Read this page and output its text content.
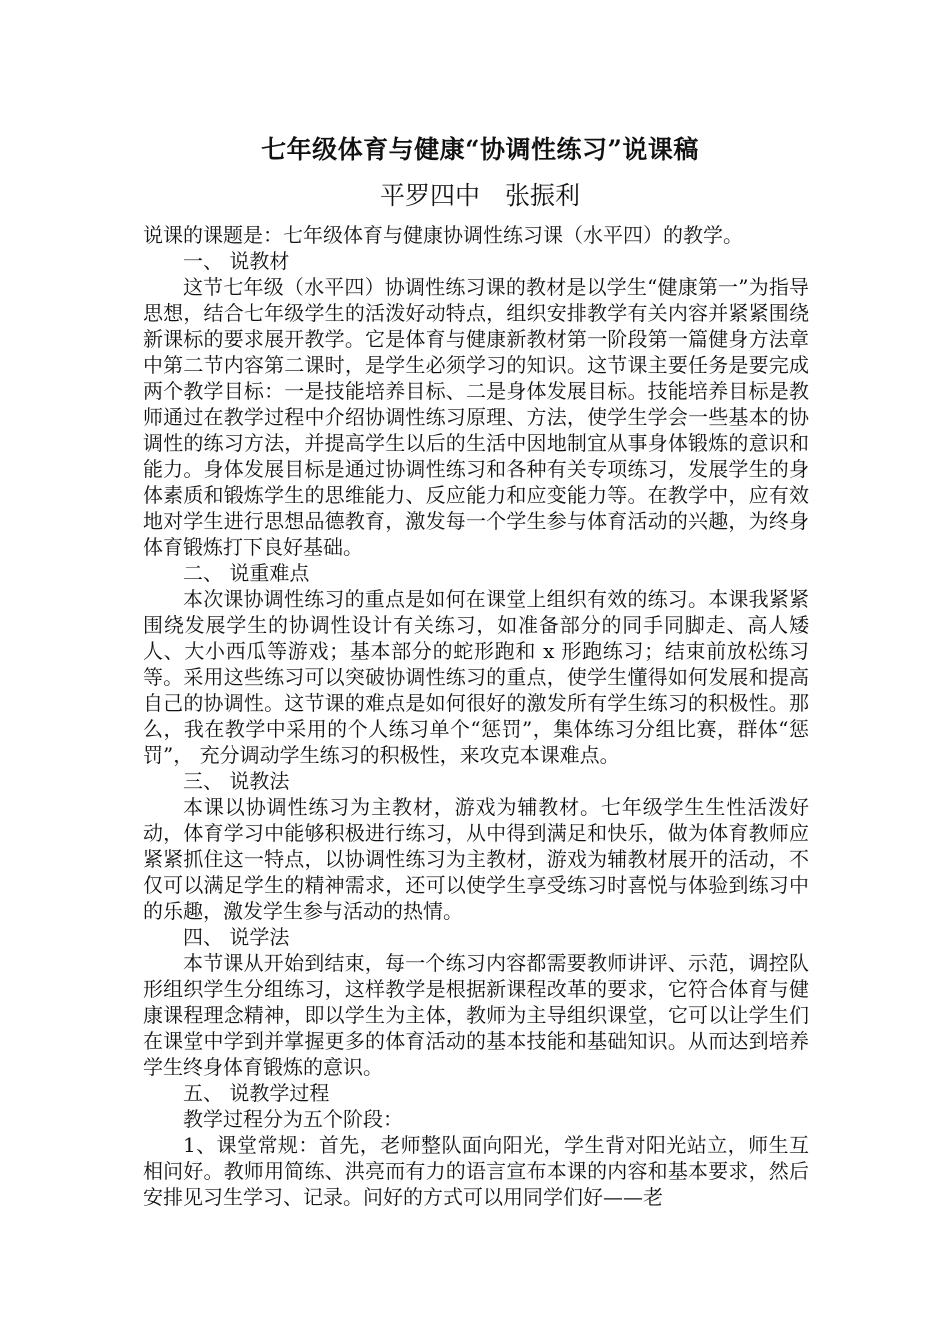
七年级体育与健康“协调性练习”说课稿
平罗四中　张振利

说课的课题是：七年级体育与健康协调性练习课（水平四）的教学。

一、 说教材

这节七年级（水平四）协调性练习课的教材是以学生“健康第一”为指导思想，结合七年级学生的活泼好动特点，组织安排教学有关内容并紧紧围绕新课标的要求展开教学。它是体育与健康新教材第一阶段第一篇健身方法章中第二节内容第二课时，是学生必须学习的知识。这节课主要任务是要完成两个教学目标：一是技能培养目标、二是身体发展目标。技能培养目标是教师通过在教学过程中介绍协调性练习原理、方法，使学生学会一些基本的协调性的练习方法，并提高学生以后的生活中因地制宜从事身体锻炼的意识和能力。身体发展目标是通过协调性练习和各种有关专项练习，发展学生的身体素质和锻炼学生的思维能力、反应能力和应变能力等。在教学中，应有效地对学生进行思想品德教育，激发每一个学生参与体育活动的兴趣，为终身体育锻炼打下良好基础。

二、 说重难点

本次课协调性练习的重点是如何在课堂上组织有效的练习。本课我紧紧围绕发展学生的协调性设计有关练习，如准备部分的同手同脚走、高人矮人、大小西瓜等游戏；基本部分的蛇形跑和 x 形跑练习；结束前放松练习等。采用这些练习可以突破协调性练习的重点，使学生懂得如何发展和提高自己的协调性。这节课的难点是如何很好的激发所有学生练习的积极性。那么，我在教学中采用的个人练习单个“惩罚”，集体练习分组比赛，群体“惩罚”， 充分调动学生练习的积极性，来攻克本课难点。

三、 说教法

本课以协调性练习为主教材，游戏为辅教材。七年级学生生性活泼好动，体育学习中能够积极进行练习，从中得到满足和快乐，做为体育教师应紧紧抓住这一特点，以协调性练习为主教材，游戏为辅教材展开的活动，不仅可以满足学生的精神需求，还可以使学生享受练习时喜悦与体验到练习中的乐趣，激发学生参与活动的热情。

四、 说学法

本节课从开始到结束，每一个练习内容都需要教师讲评、示范，调控队形组织学生分组练习，这样教学是根据新课程改革的要求，它符合体育与健康课程理念精神，即以学生为主体，教师为主导组织课堂，它可以让学生们在课堂中学到并掌握更多的体育活动的基本技能和基础知识。从而达到培养学生终身体育锻炼的意识。

五、 说教学过程

教学过程分为五个阶段：

1、课堂常规：首先，老师整队面向阳光，学生背对阳光站立，师生互相问好。教师用简练、洪亮而有力的语言宣布本课的内容和基本要求，然后安排见习生学习、记录。问好的方式可以用同学们好——老
